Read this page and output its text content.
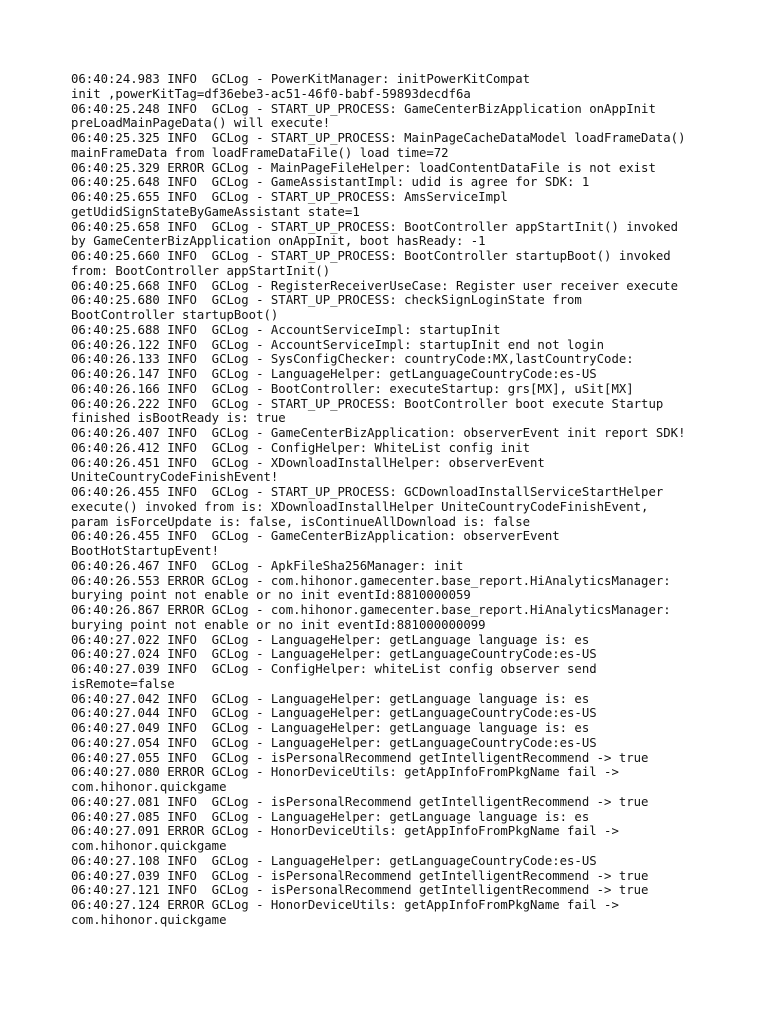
06:40:24.983 INFO  GCLog - PowerKitManager: initPowerKitCompat
init ,powerKitTag=df36ebe3-ac51-46f0-babf-59893decdf6a
06:40:25.248 INFO  GCLog - START_UP_PROCESS: GameCenterBizApplication onAppInit
preLoadMainPageData() will execute!
06:40:25.325 INFO  GCLog - START_UP_PROCESS: MainPageCacheDataModel loadFrameData()
mainFrameData from loadFrameDataFile() load time=72
06:40:25.329 ERROR GCLog - MainPageFileHelper: loadContentDataFile is not exist
06:40:25.648 INFO  GCLog - GameAssistantImpl: udid is agree for SDK: 1
06:40:25.655 INFO  GCLog - START_UP_PROCESS: AmsServiceImpl
getUdidSignStateByGameAssistant state=1
06:40:25.658 INFO  GCLog - START_UP_PROCESS: BootController appStartInit() invoked
by GameCenterBizApplication onAppInit, boot hasReady: -1
06:40:25.660 INFO  GCLog - START_UP_PROCESS: BootController startupBoot() invoked
from: BootController appStartInit()
06:40:25.668 INFO  GCLog - RegisterReceiverUseCase: Register user receiver execute
06:40:25.680 INFO  GCLog - START_UP_PROCESS: checkSignLoginState from
BootController startupBoot()
06:40:25.688 INFO  GCLog - AccountServiceImpl: startupInit
06:40:26.122 INFO  GCLog - AccountServiceImpl: startupInit end not login
06:40:26.133 INFO  GCLog - SysConfigChecker: countryCode:MX,lastCountryCode:
06:40:26.147 INFO  GCLog - LanguageHelper: getLanguageCountryCode:es-US
06:40:26.166 INFO  GCLog - BootController: executeStartup: grs[MX], uSit[MX]
06:40:26.222 INFO  GCLog - START_UP_PROCESS: BootController boot execute Startup
finished isBootReady is: true
06:40:26.407 INFO  GCLog - GameCenterBizApplication: observerEvent init report SDK!
06:40:26.412 INFO  GCLog - ConfigHelper: WhiteList config init
06:40:26.451 INFO  GCLog - XDownloadInstallHelper: observerEvent
UniteCountryCodeFinishEvent!
06:40:26.455 INFO  GCLog - START_UP_PROCESS: GCDownloadInstallServiceStartHelper
execute() invoked from is: XDownloadInstallHelper UniteCountryCodeFinishEvent,
param isForceUpdate is: false, isContinueAllDownload is: false
06:40:26.455 INFO  GCLog - GameCenterBizApplication: observerEvent
BootHotStartupEvent!
06:40:26.467 INFO  GCLog - ApkFileSha256Manager: init
06:40:26.553 ERROR GCLog - com.hihonor.gamecenter.base_report.HiAnalyticsManager:
burying point not enable or no init eventId:8810000059
06:40:26.867 ERROR GCLog - com.hihonor.gamecenter.base_report.HiAnalyticsManager:
burying point not enable or no init eventId:881000000099
06:40:27.022 INFO  GCLog - LanguageHelper: getLanguage language is: es
06:40:27.024 INFO  GCLog - LanguageHelper: getLanguageCountryCode:es-US
06:40:27.039 INFO  GCLog - ConfigHelper: whiteList config observer send
isRemote=false
06:40:27.042 INFO  GCLog - LanguageHelper: getLanguage language is: es
06:40:27.044 INFO  GCLog - LanguageHelper: getLanguageCountryCode:es-US
06:40:27.049 INFO  GCLog - LanguageHelper: getLanguage language is: es
06:40:27.054 INFO  GCLog - LanguageHelper: getLanguageCountryCode:es-US
06:40:27.055 INFO  GCLog - isPersonalRecommend getIntelligentRecommend -> true
06:40:27.080 ERROR GCLog - HonorDeviceUtils: getAppInfoFromPkgName fail ->
com.hihonor.quickgame
06:40:27.081 INFO  GCLog - isPersonalRecommend getIntelligentRecommend -> true
06:40:27.085 INFO  GCLog - LanguageHelper: getLanguage language is: es
06:40:27.091 ERROR GCLog - HonorDeviceUtils: getAppInfoFromPkgName fail ->
com.hihonor.quickgame
06:40:27.108 INFO  GCLog - LanguageHelper: getLanguageCountryCode:es-US
06:40:27.039 INFO  GCLog - isPersonalRecommend getIntelligentRecommend -> true
06:40:27.121 INFO  GCLog - isPersonalRecommend getIntelligentRecommend -> true
06:40:27.124 ERROR GCLog - HonorDeviceUtils: getAppInfoFromPkgName fail ->
com.hihonor.quickgame
